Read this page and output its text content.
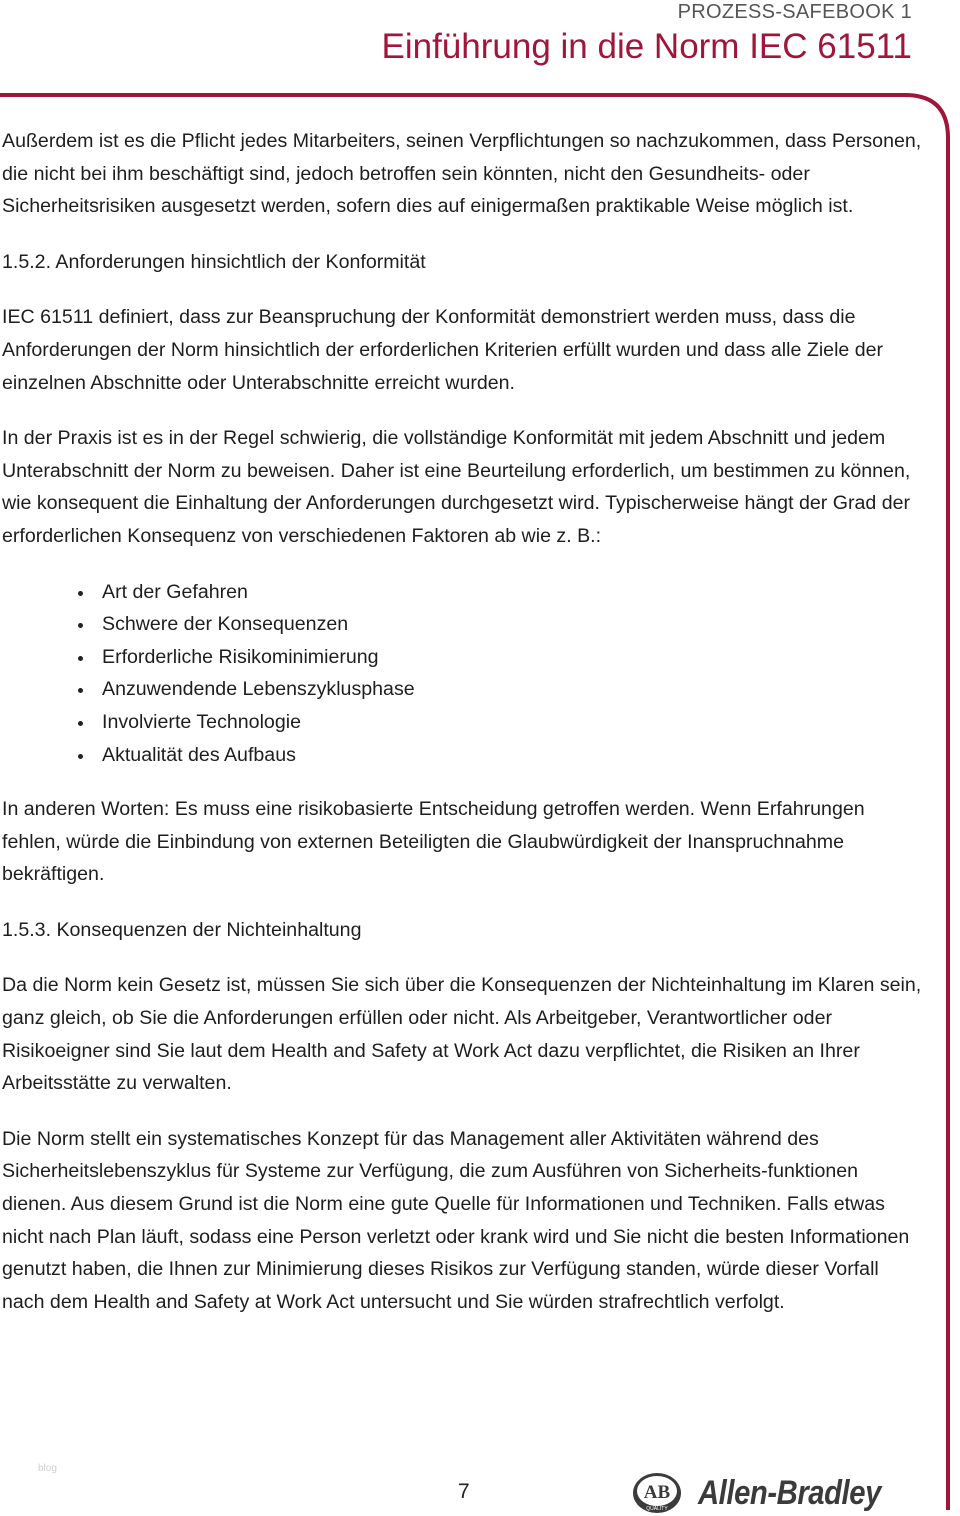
PROZESS-SAFEBOOK 1
Einführung in die Norm IEC 61511

Außerdem ist es die Pflicht jedes Mitarbeiters, seinen Verpflichtungen so nachzukommen, dass Personen, die nicht bei ihm beschäftigt sind, jedoch betroffen sein könnten, nicht den Gesundheits- oder Sicherheitsrisiken ausgesetzt werden, sofern dies auf einigermaßen praktikable Weise möglich ist.

1.5.2. Anforderungen hinsichtlich der Konformität

IEC 61511 definiert, dass zur Beanspruchung der Konformität demonstriert werden muss, dass die Anforderungen der Norm hinsichtlich der erforderlichen Kriterien erfüllt wurden und dass alle Ziele der einzelnen Abschnitte oder Unterabschnitte erreicht wurden.

In der Praxis ist es in der Regel schwierig, die vollständige Konformität mit jedem Abschnitt und jedem Unterabschnitt der Norm zu beweisen. Daher ist eine Beurteilung erforderlich, um bestimmen zu können, wie konsequent die Einhaltung der Anforderungen durchgesetzt wird. Typischerweise hängt der Grad der erforderlichen Konsequenz von verschiedenen Faktoren ab wie z. B.:

Art der Gefahren
Schwere der Konsequenzen
Erforderliche Risikominimierung
Anzuwendende Lebenszyklusphase
Involvierte Technologie
Aktualität des Aufbaus

In anderen Worten: Es muss eine risikobasierte Entscheidung getroffen werden. Wenn Erfahrungen fehlen, würde die Einbindung von externen Beteiligten die Glaubwürdigkeit der Inanspruchnahme bekräftigen.

1.5.3. Konsequenzen der Nichteinhaltung

Da die Norm kein Gesetz ist, müssen Sie sich über die Konsequenzen der Nichteinhaltung im Klaren sein, ganz gleich, ob Sie die Anforderungen erfüllen oder nicht. Als Arbeitgeber, Verantwortlicher oder Risikoeigner sind Sie laut dem Health and Safety at Work Act dazu verpflichtet, die Risiken an Ihrer Arbeitsstätte zu verwalten.

Die Norm stellt ein systematisches Konzept für das Management aller Aktivitäten während des Sicherheitslebenszyklus für Systeme zur Verfügung, die zum Ausführen von Sicherheits-funktionen dienen. Aus diesem Grund ist die Norm eine gute Quelle für Informationen und Techniken. Falls etwas nicht nach Plan läuft, sodass eine Person verletzt oder krank wird und Sie nicht die besten Informationen genutzt haben, die Ihnen zur Minimierung dieses Risikos zur Verfügung standen, würde dieser Vorfall nach dem Health and Safety at Work Act untersucht und Sie würden strafrechtlich verfolgt.

blog
7	AB
QUALITY Allen-Bradley
